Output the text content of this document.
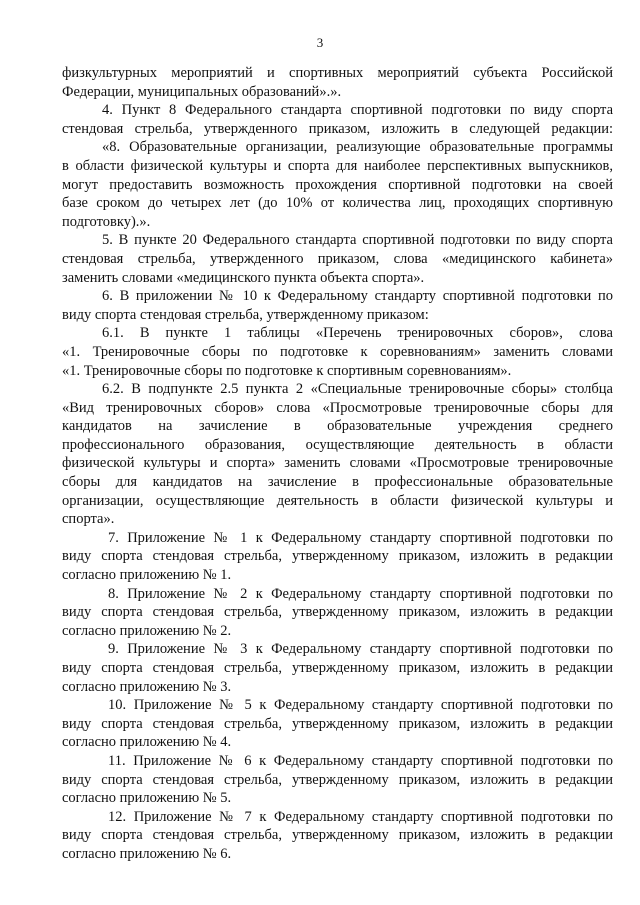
3
физкультурных мероприятий и спортивных мероприятий субъекта Российской
Федерации, муниципальных образований».».
4. Пункт 8 Федерального стандарта спортивной подготовки по виду спорта
стендовая стрельба, утвержденного приказом, изложить в следующей редакции:
«8. Образовательные организации, реализующие образовательные программы
в области физической культуры и спорта для наиболее перспективных выпускников,
могут предоставить возможность прохождения спортивной подготовки на своей
базе сроком до четырех лет (до 10% от количества лиц, проходящих спортивную
подготовку).».
5. В пункте 20 Федерального стандарта спортивной подготовки по виду спорта
стендовая стрельба, утвержденного приказом, слова «медицинского кабинета»
заменить словами «медицинского пункта объекта спорта».
6. В приложении № 10 к Федеральному стандарту спортивной подготовки по
виду спорта стендовая стрельба, утвержденному приказом:
6.1. В пункте 1 таблицы «Перечень тренировочных сборов», слова
«1. Тренировочные сборы по подготовке к соревнованиям» заменить словами
«1. Тренировочные сборы по подготовке к спортивным соревнованиям».
6.2. В подпункте 2.5 пункта 2 «Специальные тренировочные сборы» столбца
«Вид тренировочных сборов» слова «Просмотровые тренировочные сборы для
кандидатов на зачисление в образовательные учреждения среднего
профессионального образования, осуществляющие деятельность в области
физической культуры и спорта» заменить словами «Просмотровые тренировочные
сборы для кандидатов на зачисление в профессиональные образовательные
организации, осуществляющие деятельность в области физической культуры и
спорта».
7. Приложение № 1 к Федеральному стандарту спортивной подготовки по
виду спорта стендовая стрельба, утвержденному приказом, изложить в редакции
согласно приложению № 1.
8. Приложение № 2 к Федеральному стандарту спортивной подготовки по
виду спорта стендовая стрельба, утвержденному приказом, изложить в редакции
согласно приложению № 2.
9. Приложение № 3 к Федеральному стандарту спортивной подготовки по
виду спорта стендовая стрельба, утвержденному приказом, изложить в редакции
согласно приложению № 3.
10. Приложение № 5 к Федеральному стандарту спортивной подготовки по
виду спорта стендовая стрельба, утвержденному приказом, изложить в редакции
согласно приложению № 4.
11. Приложение № 6 к Федеральному стандарту спортивной подготовки по
виду спорта стендовая стрельба, утвержденному приказом, изложить в редакции
согласно приложению № 5.
12. Приложение № 7 к Федеральному стандарту спортивной подготовки по
виду спорта стендовая стрельба, утвержденному приказом, изложить в редакции
согласно приложению № 6.
